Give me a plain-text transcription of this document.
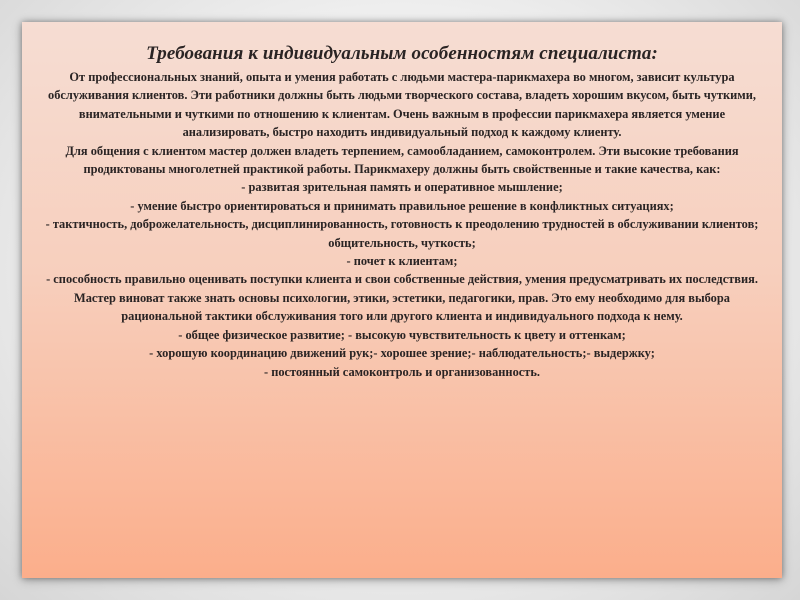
Требования к индивидуальным особенностям специалиста:

От профессиональных знаний, опыта и умения работать с людьми мастера-парикмахера во многом, зависит культура обслуживания клиентов. Эти работники должны быть людьми творческого состава, владеть хорошим вкусом, быть чуткими, внимательными и чуткими по отношению к клиентам. Очень важным в профессии парикмахера является умение анализировать, быстро находить индивидуальный подход к каждому клиенту.

Для общения с клиентом мастер должен владеть терпением, самообладанием, самоконтролем. Эти высокие требования продиктованы многолетней практикой работы. Парикмахеру должны быть свойственные и такие качества, как:

- развитая зрительная память и оперативное мышление;

- умение быстро ориентироваться и принимать правильное решение в конфликтных ситуациях;

- тактичность, доброжелательность, дисциплинированность, готовность к преодолению трудностей в обслуживании клиентов; общительность, чуткость;

- почет к клиентам;

- способность правильно оценивать поступки клиента и свои собственные действия, умения предусматривать их последствия.

Мастер виноват также знать основы психологии, этики, эстетики, педагогики, прав. Это ему необходимо для выбора рациональной тактики обслуживания того или другого клиента и индивидуального подхода к нему.

- общее физическое развитие; - высокую чувствительность к цвету и оттенкам;

- хорошую координацию движений рук;- хорошее зрение;- наблюдательность;- выдержку;

- постоянный самоконтроль и организованность.
